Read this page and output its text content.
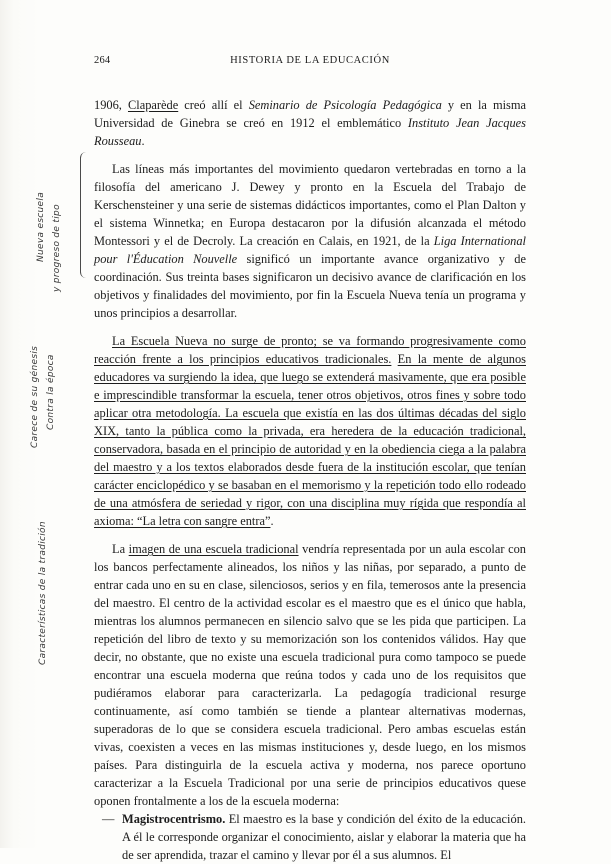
264	HISTORIA DE LA EDUCACIÓN
Nueva escuela y progreso de tipo
Carece de su génesis Contra la época
Características de la tradición

1906, Claparède creó allí el Seminario de Psicología Pedagógica y en la misma Universidad de Ginebra se creó en 1912 el emblemático Instituto Jean Jacques Rousseau.

Las líneas más importantes del movimiento quedaron vertebradas en torno a la filosofía del americano J. Dewey y pronto en la Escuela del Trabajo de Kerschensteiner y una serie de sistemas didácticos importantes, como el Plan Dalton y el sistema Winnetka; en Europa destacaron por la difusión alcanzada el método Montessori y el de Decroly. La creación en Calais, en 1921, de la Liga International pour l'Éducation Nouvelle significó un importante avance organizativo y de coordinación. Sus treinta bases significaron un decisivo avance de clarificación en los objetivos y finalidades del movimiento, por fin la Escuela Nueva tenía un programa y unos principios a desarrollar.

La Escuela Nueva no surge de pronto; se va formando progresivamente como reacción frente a los principios educativos tradicionales. En la mente de algunos educadores va surgiendo la idea, que luego se extenderá masivamente, que era posible e imprescindible transformar la escuela, tener otros objetivos, otros fines y sobre todo aplicar otra metodología. La escuela que existía en las dos últimas décadas del siglo XIX, tanto la pública como la privada, era heredera de la educación tradicional, conservadora, basada en el principio de autoridad y en la obediencia ciega a la palabra del maestro y a los textos elaborados desde fuera de la institución escolar, que tenían carácter enciclopédico y se basaban en el memorismo y la repetición todo ello rodeado de una atmósfera de seriedad y rigor, con una disciplina muy rígida que respondía al axioma: “La letra con sangre entra”.

La imagen de una escuela tradicional vendría representada por un aula escolar con los bancos perfectamente alineados, los niños y las niñas, por separado, a punto de entrar cada uno en su en clase, silenciosos, serios y en fila, temerosos ante la presencia del maestro. El centro de la actividad escolar es el maestro que es el único que habla, mientras los alumnos permanecen en silencio salvo que se les pida que participen. La repetición del libro de texto y su memorización son los contenidos válidos. Hay que decir, no obstante, que no existe una escuela tradicional pura como tampoco se puede encontrar una escuela moderna que reúna todos y cada uno de los requisitos que pudiéramos elaborar para caracterizarla. La pedagogía tradicional resurge continuamente, así como también se tiende a plantear alternativas modernas, superadoras de lo que se considera escuela tradicional. Pero ambas escuelas están vivas, coexisten a veces en las mismas instituciones y, desde luego, en los mismos países. Para distinguirla de la escuela activa y moderna, nos parece oportuno caracterizar a la Escuela Tradicional por una serie de principios educativos quese oponen frontalmente a los de la escuela moderna:

— Magistrocentrismo. El maestro es la base y condición del éxito de la educación. A él le corresponde organizar el conocimiento, aislar y elaborar la materia que ha de ser aprendida, trazar el camino y llevar por él a sus alumnos. El
